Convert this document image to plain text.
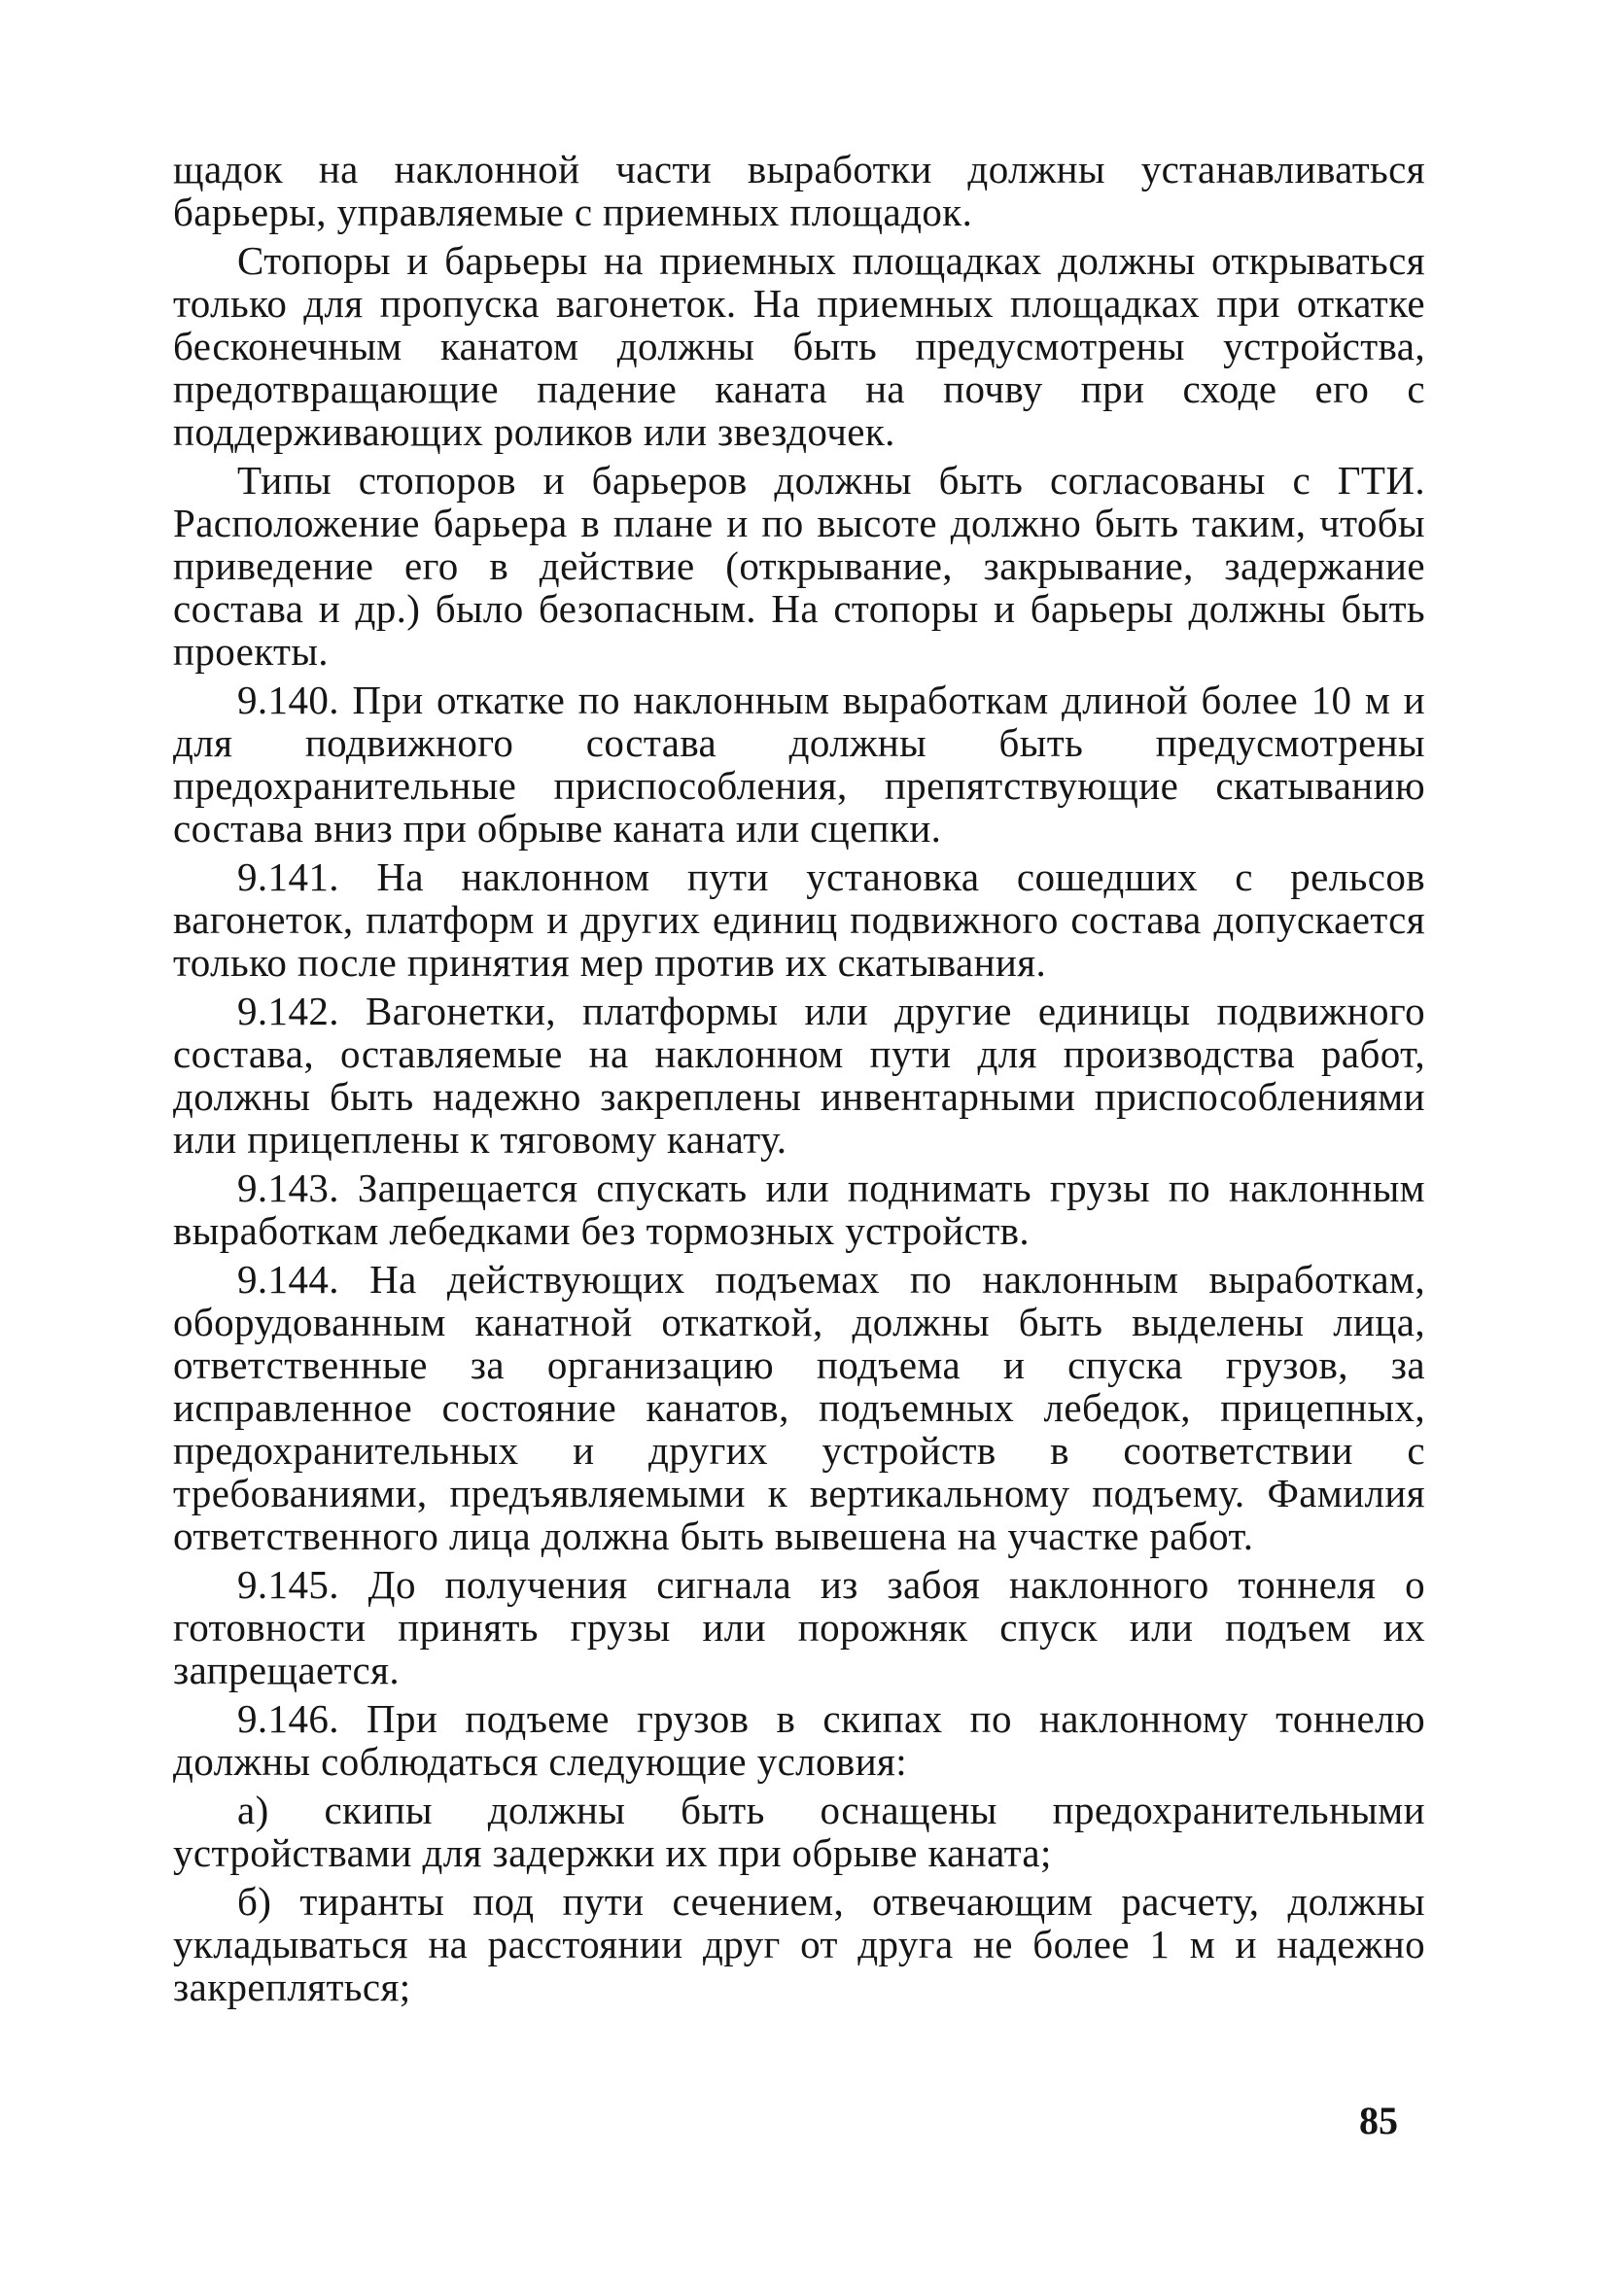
щадок на наклонной части выработки должны устанавливаться барьеры, управляемые с приемных площадок.

Стопоры и барьеры на приемных площадках должны открываться только для пропуска вагонеток. На приемных площадках при откатке бесконечным канатом должны быть предусмотрены устройства, предотвращающие падение каната на почву при сходе его с поддерживающих роликов или звездочек.

Типы стопоров и барьеров должны быть согласованы с ГТИ. Расположение барьера в плане и по высоте должно быть таким, чтобы приведение его в действие (открывание, закрывание, задержание состава и др.) было безопасным. На стопоры и барьеры должны быть проекты.

9.140. При откатке по наклонным выработкам длиной более 10 м и для подвижного состава должны быть предусмотрены предохранительные приспособления, препятствующие скатыванию состава вниз при обрыве каната или сцепки.

9.141. На наклонном пути установка сошедших с рельсов вагонеток, платформ и других единиц подвижного состава допускается только после принятия мер против их скатывания.

9.142. Вагонетки, платформы или другие единицы подвижного состава, оставляемые на наклонном пути для производства работ, должны быть надежно закреплены инвентарными приспособлениями или прицеплены к тяговому канату.

9.143. Запрещается спускать или поднимать грузы по наклонным выработкам лебедками без тормозных устройств.

9.144. На действующих подъемах по наклонным выработкам, оборудованным канатной откаткой, должны быть выделены лица, ответственные за организацию подъема и спуска грузов, за исправленное состояние канатов, подъемных лебедок, прицепных, предохранительных и других устройств в соответствии с требованиями, предъявляемыми к вертикальному подъему. Фамилия ответственного лица должна быть вывешена на участке работ.

9.145. До получения сигнала из забоя наклонного тоннеля о готовности принять грузы или порожняк спуск или подъем их запрещается.

9.146. При подъеме грузов в скипах по наклонному тоннелю должны соблюдаться следующие условия:

а) скипы должны быть оснащены предохранительными устройствами для задержки их при обрыве каната;

б) тиранты под пути сечением, отвечающим расчету, должны укладываться на расстоянии друг от друга не более 1 м и надежно закрепляться;

85
